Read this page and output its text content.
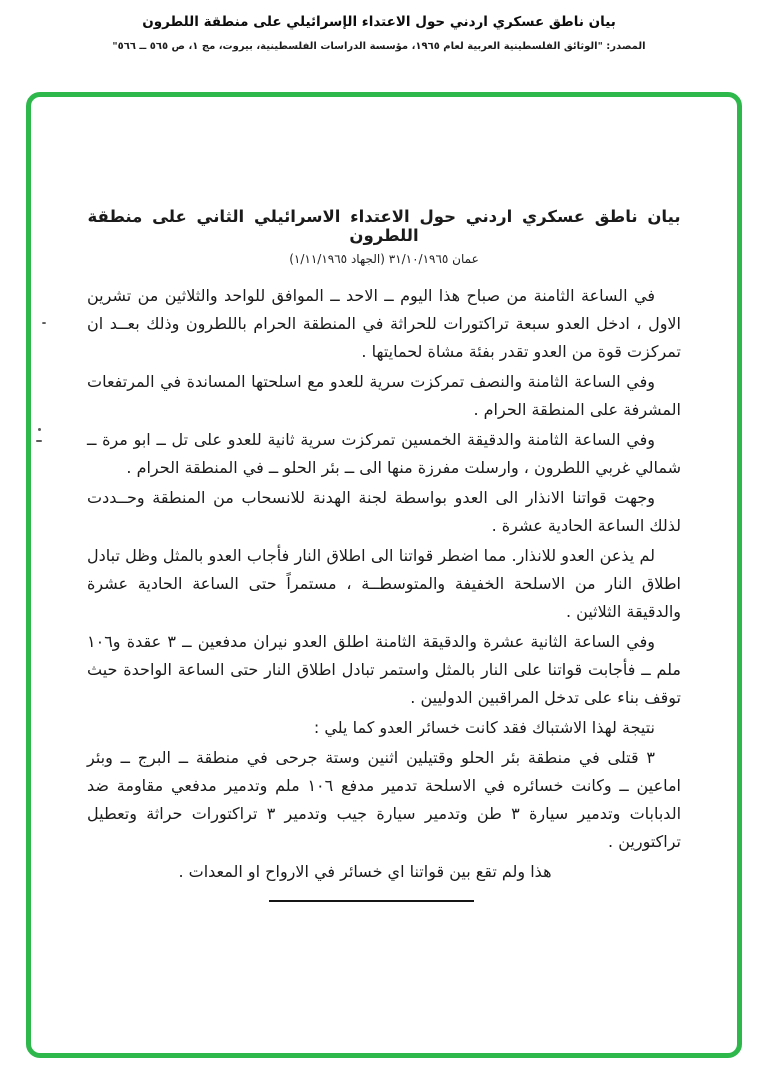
بيان ناطق عسكري اردني حول الاعتداء الإسرائيلي على منطقة اللطرون
المصدر: "الوثائق الفلسطينية العربية لعام ١٩٦٥، مؤسسة الدراسات الفلسطينية، بيروت، مج ١، ص ٥٦٥ ــ ٥٦٦"
بيان ناطق عسكري اردني حول الاعتداء الاسرائيلي الثاني على منطقة اللطرون
عمان ٣١/١٠/١٩٦٥ (الجهاد ١/١١/١٩٦٥)

في الساعة الثامنة من صباح هذا اليوم ــ الاحد ــ الموافق للواحد والثلاثين من تشرين الاول ، ادخل العدو سبعة تراكتورات للحراثة في المنطقة الحرام باللطرون وذلك بعــد ان تمركزت قوة من العدو تقدر بفئة مشاة لحمايتها .

وفي الساعة الثامنة والنصف تمركزت سرية للعدو مع اسلحتها المساندة في المرتفعات المشرفة على المنطقة الحرام .

وفي الساعة الثامنة والدقيقة الخمسين تمركزت سرية ثانية للعدو على تل ــ ابو مرة ــ شمالي غربي اللطرون ، وارسلت مفرزة منها الى ــ بئر الحلو ــ في المنطقة الحرام .

وجهت قواتنا الانذار الى العدو بواسطة لجنة الهدنة للانسحاب من المنطقة وحــددت لذلك الساعة الحادية عشرة .

لم يذعن العدو للانذار. مما اضطر قواتنا الى اطلاق النار فأجاب العدو بالمثل وظل تبادل اطلاق النار من الاسلحة الخفيفة والمتوسطــة ، مستمراً حتى الساعة الحادية عشرة والدقيقة الثلاثين .

وفي الساعة الثانية عشرة والدقيقة الثامنة اطلق العدو نيران مدفعين ــ ٣ عقدة و١٠٦ ملم ــ فأجابت قواتنا على النار بالمثل واستمر تبادل اطلاق النار حتى الساعة الواحدة حيث توقف بناء على تدخل المراقبين الدوليين .

نتيجة لهذا الاشتباك فقد كانت خسائر العدو كما يلي :

٣ قتلى في منطقة بئر الحلو وقتيلين اثنين وستة جرحى في منطقة ــ البرج ــ وبئر اماعين ــ وكانت خسائره في الاسلحة تدمير مدفع ١٠٦ ملم وتدمير مدفعي مقاومة ضد الدبابات وتدمير سيارة ٣ طن وتدمير سيارة جيب وتدمير ٣ تراكتورات حراثة وتعطيل تراكتورين .

هذا ولم تقع بين قواتنا اي خسائر في الارواح او المعدات .
